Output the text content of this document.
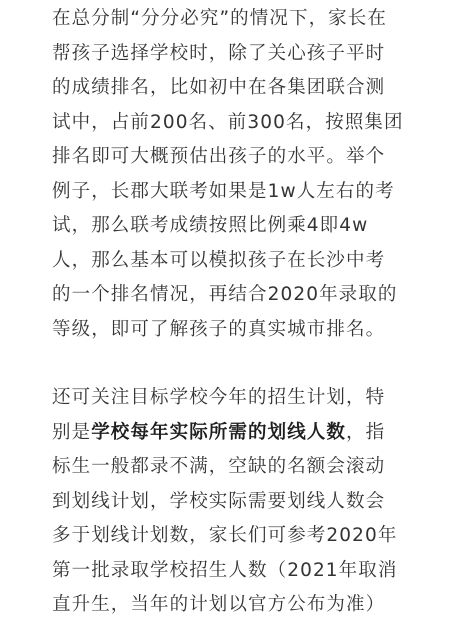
在总分制“分分必究”的情况下，家长在
帮孩子选择学校时，除了关心孩子平时
的成绩排名，比如初中在各集团联合测
试中，占前200名、前300名，按照集团
排名即可大概预估出孩子的水平。举个
例子，长郡大联考如果是1w人左右的考
试，那么联考成绩按照比例乘4即4w
人，那么基本可以模拟孩子在长沙中考
的一个排名情况，再结合2020年录取的
等级，即可了解孩子的真实城市排名。
还可关注目标学校今年的招生计划，特
别是学校每年实际所需的划线人数，指
标生一般都录不满，空缺的名额会滚动
到划线计划，学校实际需要划线人数会
多于划线计划数，家长们可参考2020年
第一批录取学校招生人数（2021年取消
直升生，当年的计划以官方公布为准）
